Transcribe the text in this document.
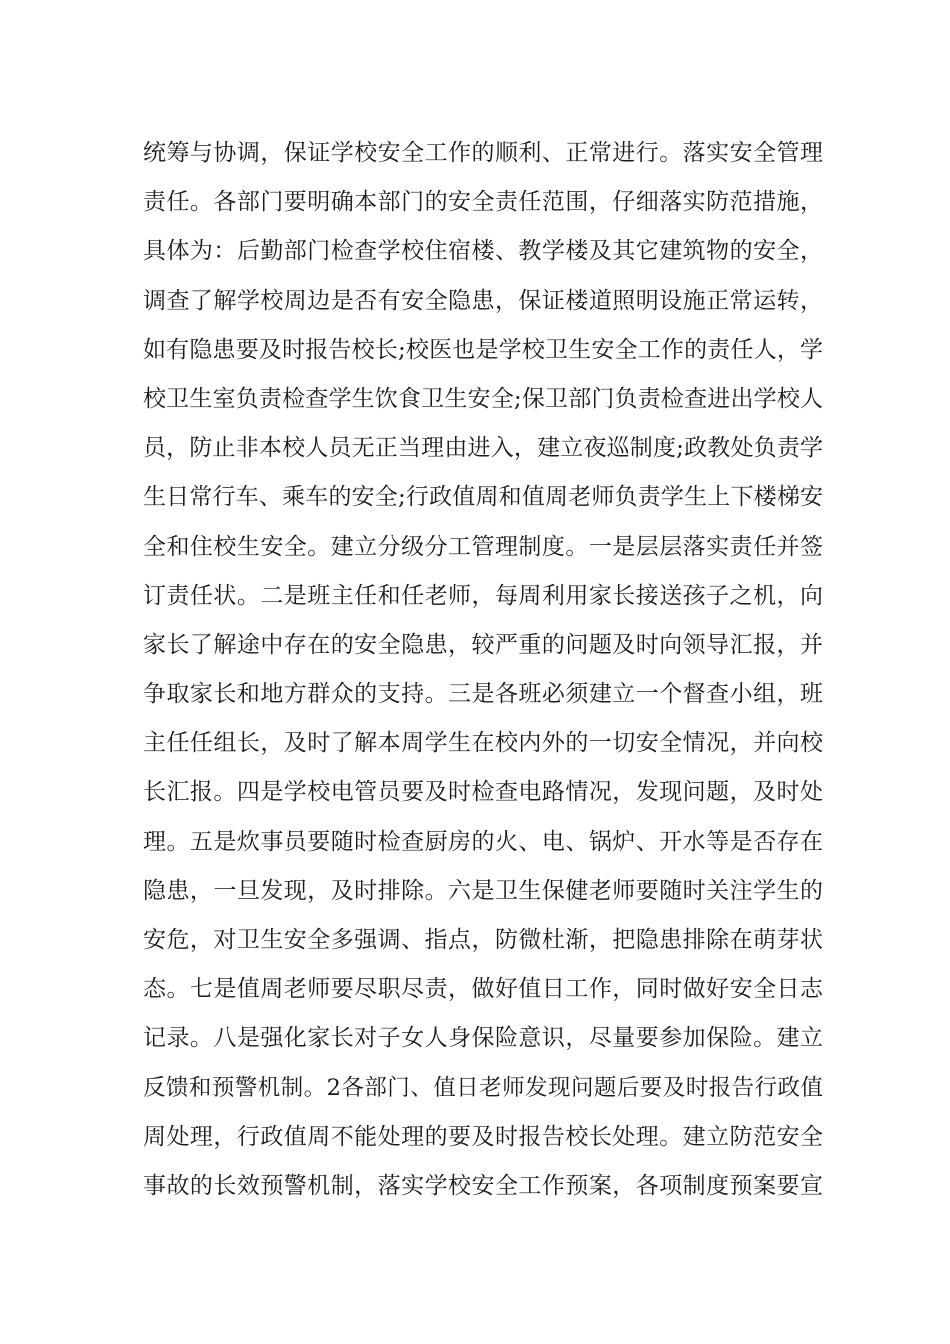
统筹与协调，保证学校安全工作的顺利、正常进行。落实安全管理
责任。各部门要明确本部门的安全责任范围，仔细落实防范措施，
具体为：后勤部门检查学校住宿楼、教学楼及其它建筑物的安全，
调查了解学校周边是否有安全隐患，保证楼道照明设施正常运转，
如有隐患要及时报告校长;校医也是学校卫生安全工作的责任人，学
校卫生室负责检查学生饮食卫生安全;保卫部门负责检查进出学校人
员，防止非本校人员无正当理由进入，建立夜巡制度;政教处负责学
生日常行车、乘车的安全;行政值周和值周老师负责学生上下楼梯安
全和住校生安全。建立分级分工管理制度。一是层层落实责任并签
订责任状。二是班主任和任老师，每周利用家长接送孩子之机，向
家长了解途中存在的安全隐患，较严重的问题及时向领导汇报，并
争取家长和地方群众的支持。三是各班必须建立一个督查小组，班
主任任组长，及时了解本周学生在校内外的一切安全情况，并向校
长汇报。四是学校电管员要及时检查电路情况，发现问题，及时处
理。五是炊事员要随时检查厨房的火、电、锅炉、开水等是否存在
隐患，一旦发现，及时排除。六是卫生保健老师要随时关注学生的
安危，对卫生安全多强调、指点，防微杜渐，把隐患排除在萌芽状
态。七是值周老师要尽职尽责，做好值日工作，同时做好安全日志
记录。八是强化家长对子女人身保险意识，尽量要参加保险。建立
反馈和预警机制。2各部门、值日老师发现问题后要及时报告行政值
周处理，行政值周不能处理的要及时报告校长处理。建立防范安全
事故的长效预警机制，落实学校安全工作预案，各项制度预案要宣
